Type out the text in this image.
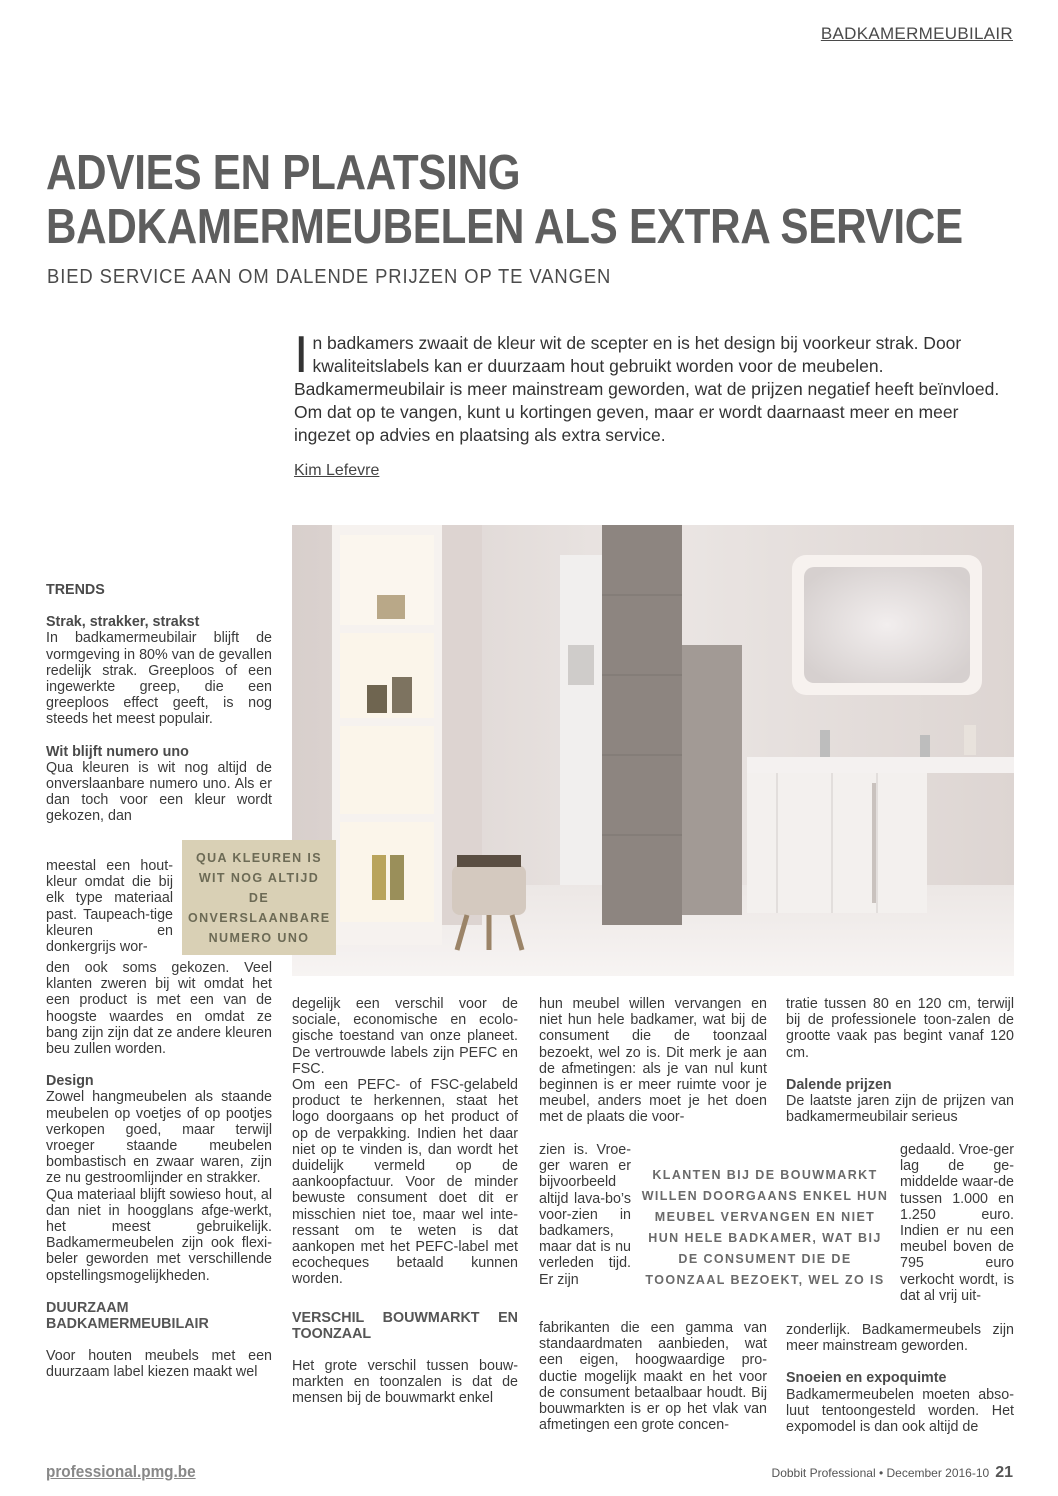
BADKAMERMEUBILAIR
ADVIES EN PLAATSING
BADKAMERMEUBELEN ALS EXTRA SERVICE
BIED SERVICE AAN OM DALENDE PRIJZEN OP TE VANGEN
I n badkamers zwaait de kleur wit de scepter en is het design bij voorkeur strak. Door kwaliteitslabels kan er duurzaam hout gebruikt worden voor de meubelen. Badkamermeubilair is meer mainstream geworden, wat de prijzen negatief heeft beïnvloed. Om dat op te vangen, kunt u kortingen geven, maar er wordt daarnaast meer en meer ingezet op advies en plaatsing als extra service.
Kim Lefevre
TRENDS
Strak, strakker, strakst

In badkamermeubilair blijft de vormgeving in 80% van de gevallen redelijk strak. Greeploos of een ingewerkte greep, die een greeploos effect geeft, is nog steeds het meest populair.

Wit blijft numero uno

Qua kleuren is wit nog altijd de onverslaanbare numero uno. Als er dan toch voor een kleur wordt gekozen, dan

meestal een hout-kleur omdat die bij elk type materiaal past. Taupeach-tige kleuren en donkergrijs wor-

den ook soms gekozen. Veel klanten zweren bij wit omdat het een product is met een van de hoogste waardes en omdat ze bang zijn zijn dat ze andere kleuren beu zullen worden.

Design

Zowel hangmeubelen als staande meubelen op voetjes of op pootjes verkopen goed, maar terwijl vroeger staande meubelen bombastisch en zwaar waren, zijn ze nu gestroomlijnder en strakker.

Qua materiaal blijft sowieso hout, al dan niet in hoogglans afge-werkt, het meest gebruikelijk. Badkamermeubelen zijn ook flexi-beler geworden met verschillende opstellingsmogelijkheden.

DUURZAAM BADKAMERMEUBILAIR

Voor houten meubels met een duurzaam label kiezen maakt wel

QUA KLEUREN IS WIT NOG ALTIJD DE ONVERSLAANBARE NUMERO UNO

degelijk een verschil voor de sociale, economische en ecolo-gische toestand van onze planeet. De vertrouwde labels zijn PEFC en FSC.

Om een PEFC- of FSC-gelabeld product te herkennen, staat het logo doorgaans op het product of op de verpakking. Indien het daar niet op te vinden is, dan wordt het duidelijk vermeld op de aankoopfactuur. Voor de minder bewuste consument doet dit er misschien niet toe, maar wel inte-ressant om te weten is dat aankopen met het PEFC-label met ecocheques betaald kunnen worden.

VERSCHIL BOUWMARKT EN TOONZAAL

Het grote verschil tussen bouw-markten en toonzalen is dat de mensen bij de bouwmarkt enkel

hun meubel willen vervangen en niet hun hele badkamer, wat bij de consument die de toonzaal bezoekt, wel zo is. Dit merk je aan de afmetingen: als je van nul kunt beginnen is er meer ruimte voor je meubel, anders moet je het doen met de plaats die voor-

zien is. Vroe-ger waren er bijvoorbeeld altijd lava-bo’s voor-zien in badkamers, maar dat is nu verleden tijd. Er zijn

fabrikanten die een gamma van standaardmaten aanbieden, wat een eigen, hoogwaardige pro-ductie mogelijk maakt en het voor de consument betaalbaar houdt. Bij bouwmarkten is er op het vlak van afmetingen een grote concen-

KLANTEN BIJ DE BOUWMARKT WILLEN DOORGAANS ENKEL HUN MEUBEL VERVANGEN EN NIET HUN HELE BADKAMER, WAT BIJ DE CONSUMENT DIE DE TOONZAAL BEZOEKT, WEL ZO IS

tratie tussen 80 en 120 cm, terwijl bij de professionele toon-zalen de grootte vaak pas begint vanaf 120 cm.

Dalende prijzen

De laatste jaren zijn de prijzen van badkamermeubilair serieus

gedaald. Vroe-ger lag de ge-middelde waar-de tussen 1.000 en 1.250 euro. Indien er nu een meubel boven de 795 euro verkocht wordt, is dat al vrij uit-

zonderlijk. Badkamermeubels zijn meer mainstream geworden.

Snoeien en expoquimte

Badkamermeubelen moeten abso-luut tentoongesteld worden. Het expomodel is dan ook altijd de

professional.pmg.be	Dobbit Professional • December 2016-10 21
